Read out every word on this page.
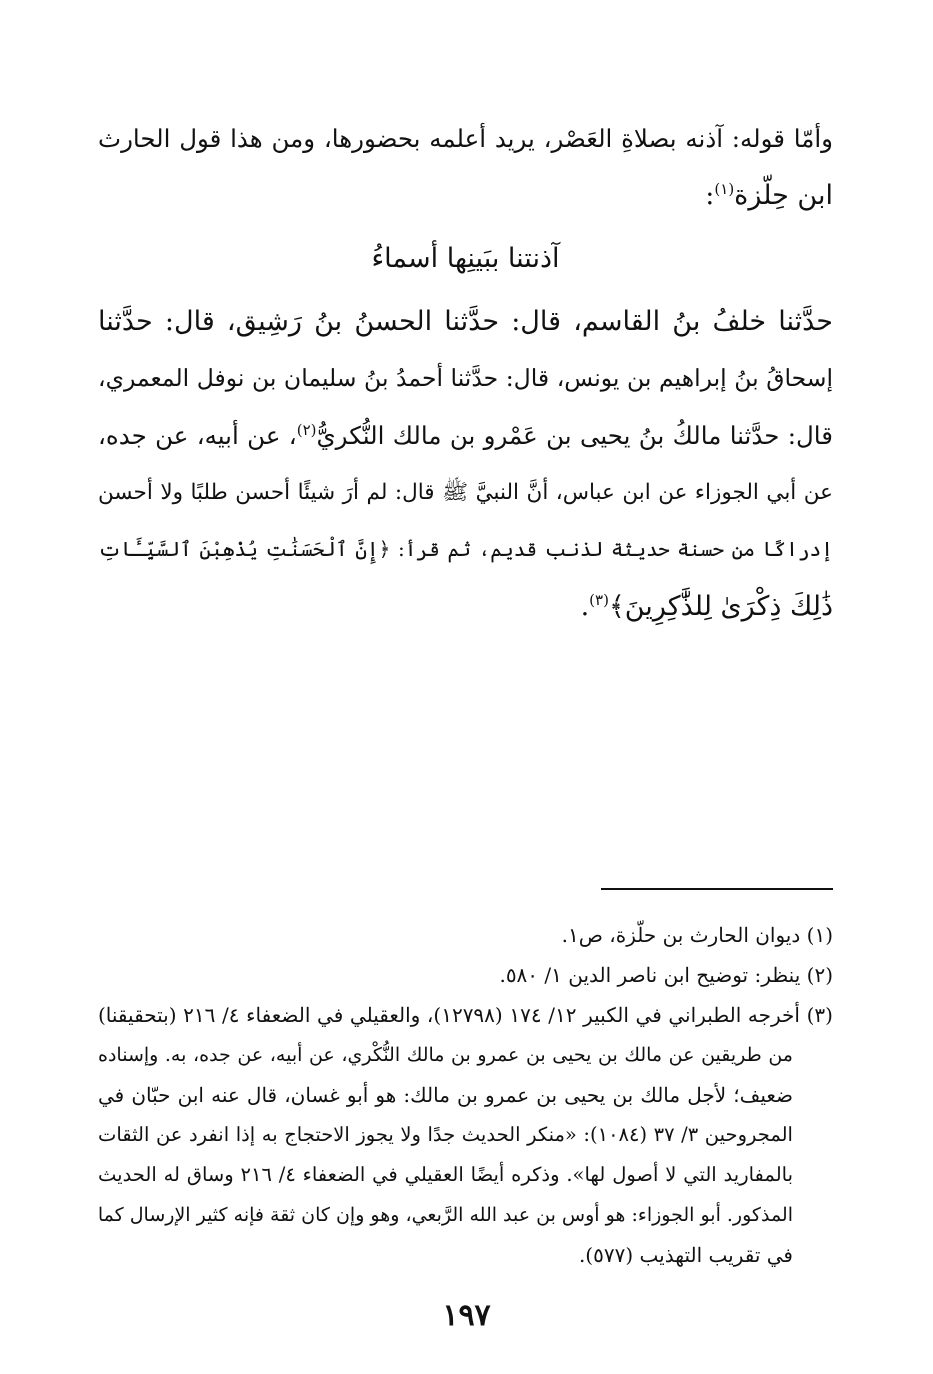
وأمّا قوله: آذنه بصلاةِ العَصْر، يريد أعلمه بحضورها، ومن هذا قول الحارث
ابن حِلّزة$^{(١)}$:
آذنتنا ببَينِها أسماءُ
حدَّثنا خلفُ بنُ القاسم، قال: حدَّثنا الحسنُ بنُ رَشِيق، قال: حدَّثنا
إسحاقُ بنُ إبراهيم بن يونس، قال: حدَّثنا أحمدُ بنُ سليمان بن نوفل المعمري،
قال: حدَّثنا مالكُ بنُ يحيى بن عَمْرو بن مالك النُّكريُّ$^{(٢)}$، عن أبيه، عن جده،
عن أبي الجوزاء عن ابن عباس، أنَّ النبيَّ ﷺ قال: لم أرَ شيئًا أحسن طلبًا ولا أحسن
إدراكًا من حسنة حديثة لذنب قديم، ثم قرأ: ﴿إِنَّ ٱلْحَسَنَٰتِ يُذْهِبْنَ ٱلسَّيِّـَٔاتِ
ذَٰلِكَ ذِكْرَىٰ لِلذَّٰكِرِينَ﴾$^{(٣)}$.
(١) ديوان الحارث بن حلّزة، ص١.
(٢) ينظر: توضيح ابن ناصر الدين ١/ ٥٨٠.
(٣) أخرجه الطبراني في الكبير ١٢/ ١٧٤ (١٢٧٩٨)، والعقيلي في الضعفاء ٤/ ٢١٦ (بتحقيقنا)
من طريقين عن مالك بن يحيى بن عمرو بن مالك النُّكْري، عن أبيه، عن جده، به. وإسناده
ضعيف؛ لأجل مالك بن يحيى بن عمرو بن مالك: هو أبو غسان، قال عنه ابن حبّان في
المجروحين ٣/ ٣٧ (١٠٨٤): «منكر الحديث جدًا ولا يجوز الاحتجاج به إذا انفرد عن الثقات
بالمفاريد التي لا أصول لها». وذكره أيضًا العقيلي في الضعفاء ٤/ ٢١٦ وساق له الحديث
المذكور. أبو الجوزاء: هو أوس بن عبد الله الرَّبعي، وهو وإن كان ثقة فإنه كثير الإرسال كما
في تقريب التهذيب (٥٧٧).
١٩٧
